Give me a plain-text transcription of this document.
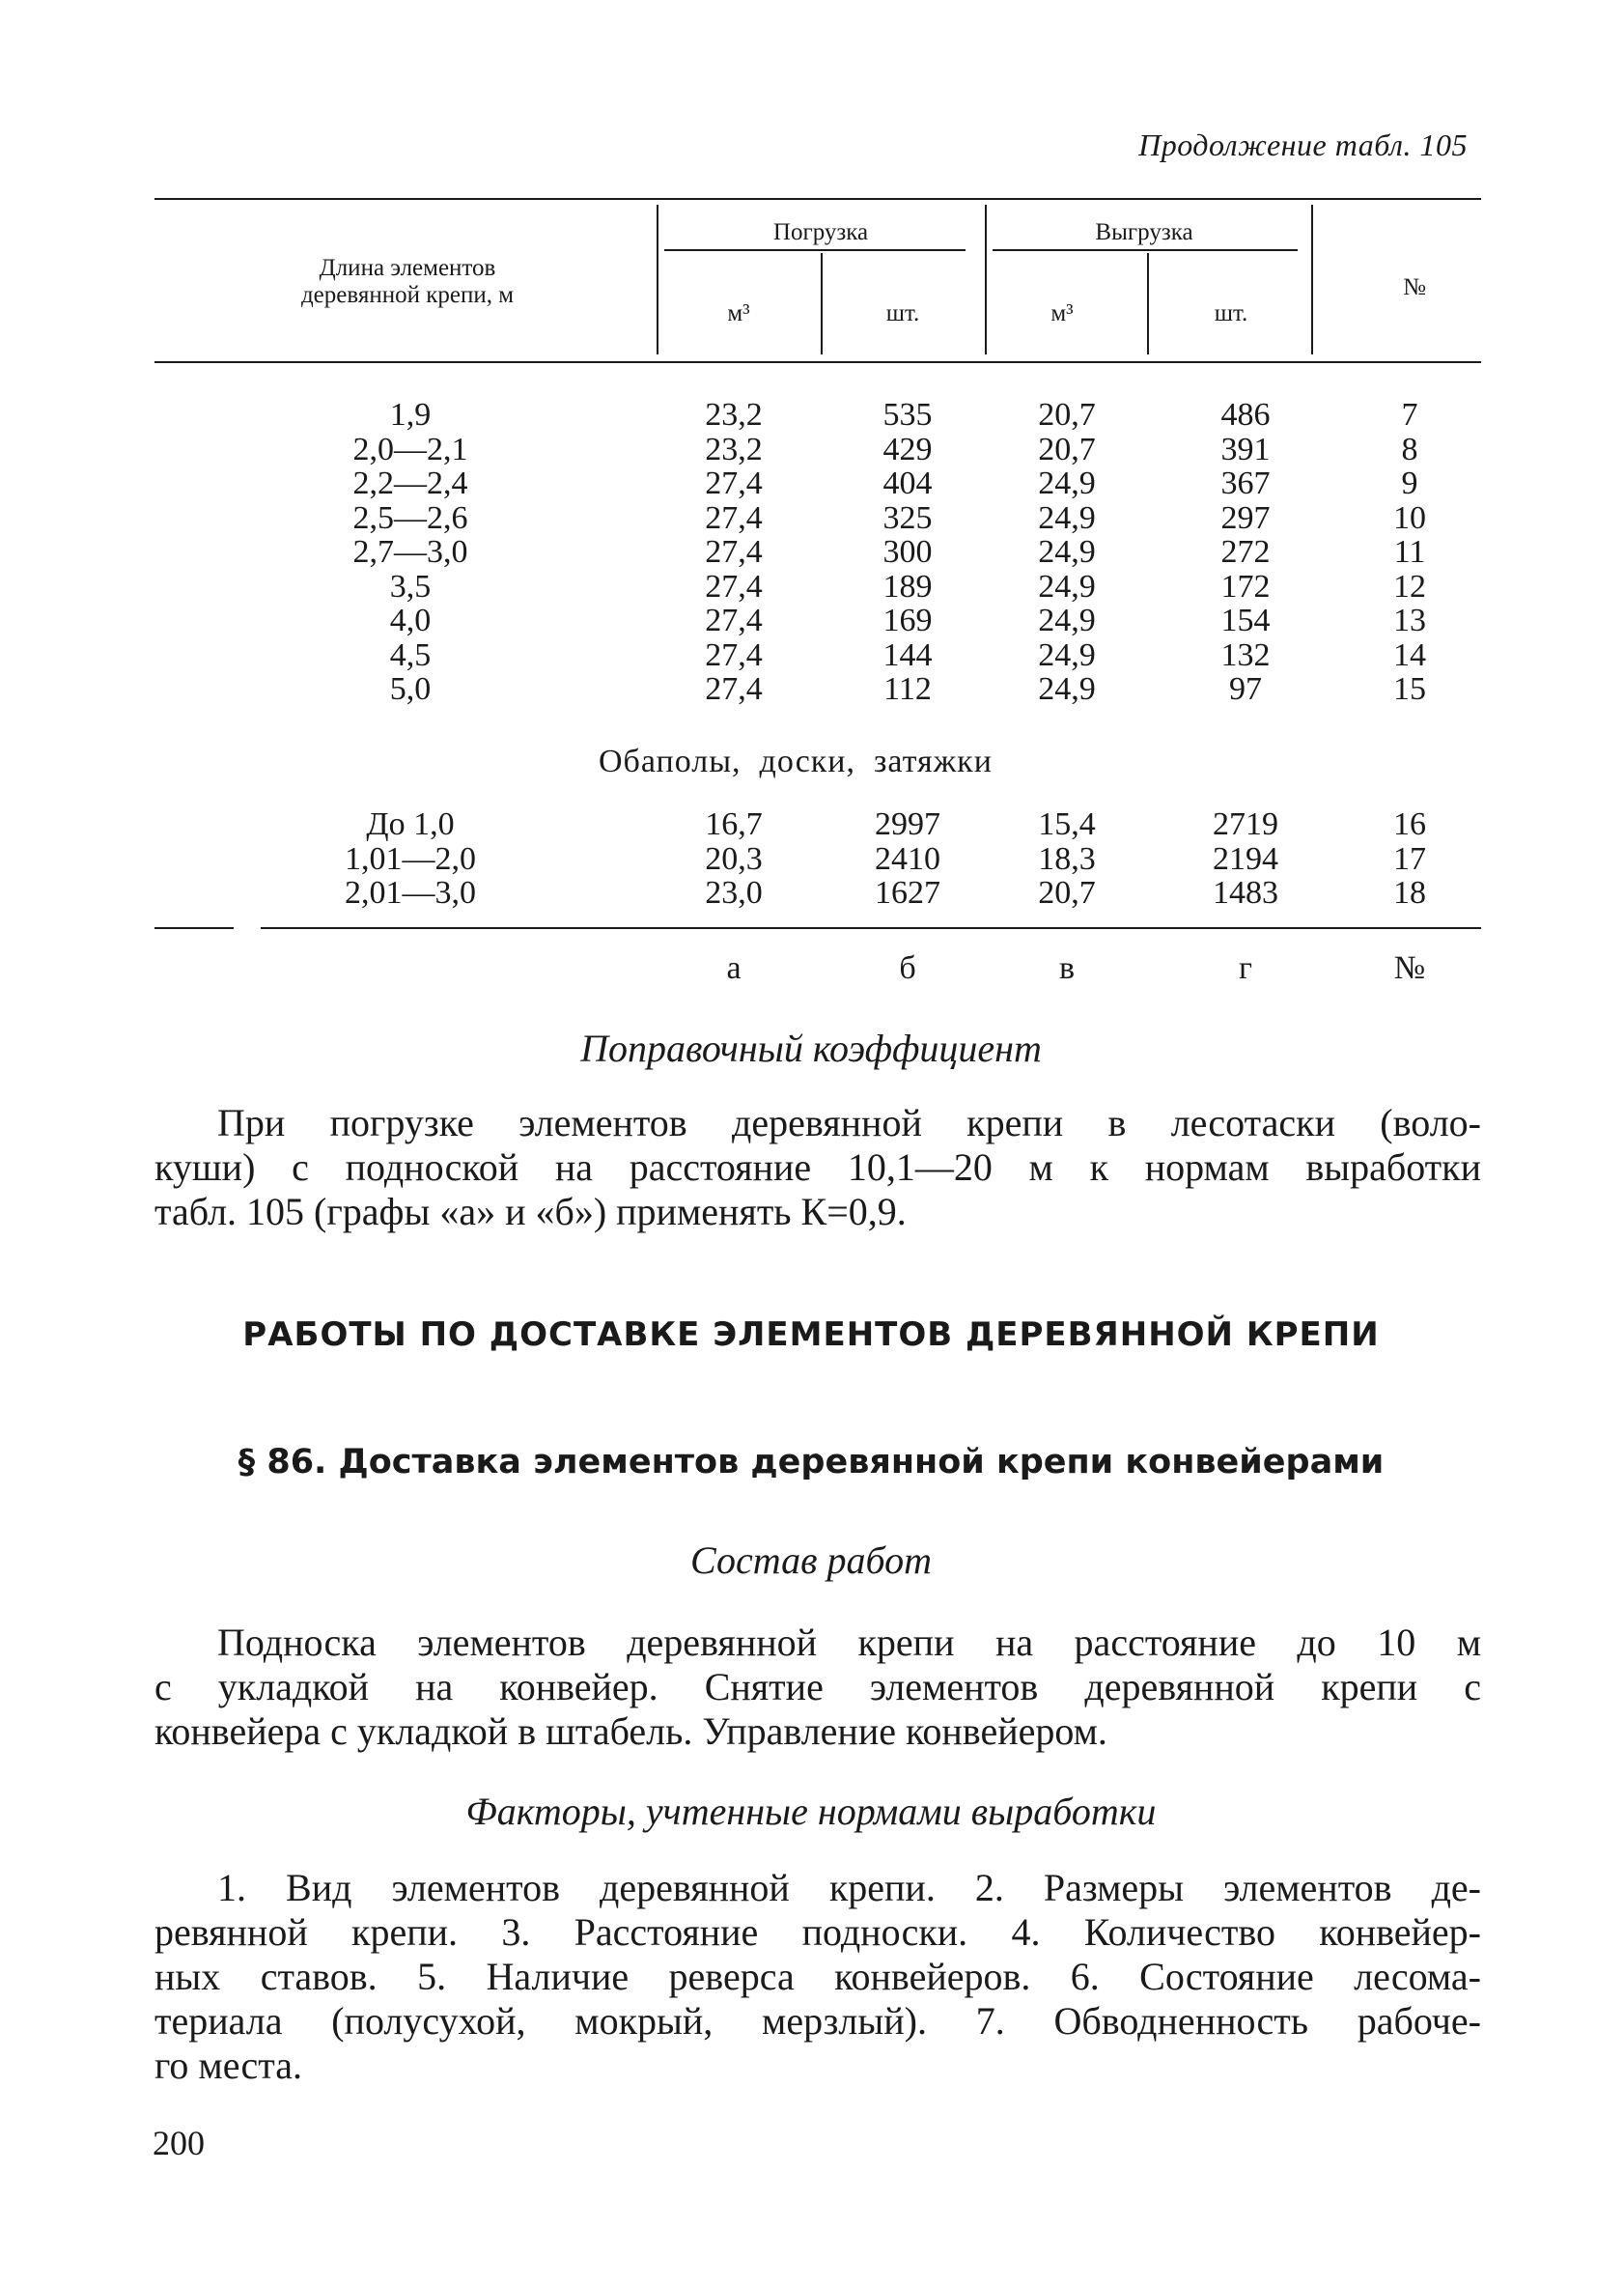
Продолжение табл. 105
Длина элементов
деревянной крепи, м
Погрузка	Выгрузка
м³	шт.	м³	шт.
№
1,9	23,2	535	20,7	486	7
2,0—2,1	23,2	429	20,7	391	8
2,2—2,4	27,4	404	24,9	367	9
2,5—2,6	27,4	325	24,9	297	10
2,7—3,0	27,4	300	24,9	272	11
3,5	27,4	189	24,9	172	12
4,0	27,4	169	24,9	154	13
4,5	27,4	144	24,9	132	14
5,0	27,4	112	24,9	97	15
Обаполы,  доски,  затяжки
До 1,0	16,7	2997	15,4	2719	16
1,01—2,0	20,3	2410	18,3	2194	17
2,01—3,0	23,0	1627	20,7	1483	18
а	б	в	г	№
Поправочный коэффициент
При погрузке элементов деревянной крепи в лесотаски (воло-
куши) с подноской на расстояние 10,1—20 м к нормам выработки
табл. 105 (графы «а» и «б») применять К=0,9.
РАБОТЫ ПО ДОСТАВКЕ ЭЛЕМЕНТОВ ДЕРЕВЯННОЙ КРЕПИ
§ 86. Доставка элементов деревянной крепи конвейерами
Состав работ
Подноска элементов деревянной крепи на расстояние до 10 м
с укладкой на конвейер. Снятие элементов деревянной крепи с
конвейера с укладкой в штабель. Управление конвейером.
Факторы, учтенные нормами выработки
1. Вид элементов деревянной крепи. 2. Размеры элементов де-
ревянной крепи. 3. Расстояние подноски. 4. Количество конвейер-
ных ставов. 5. Наличие реверса конвейеров. 6. Состояние лесома-
териала (полусухой, мокрый, мерзлый). 7. Обводненность рабоче-
го места.
200
